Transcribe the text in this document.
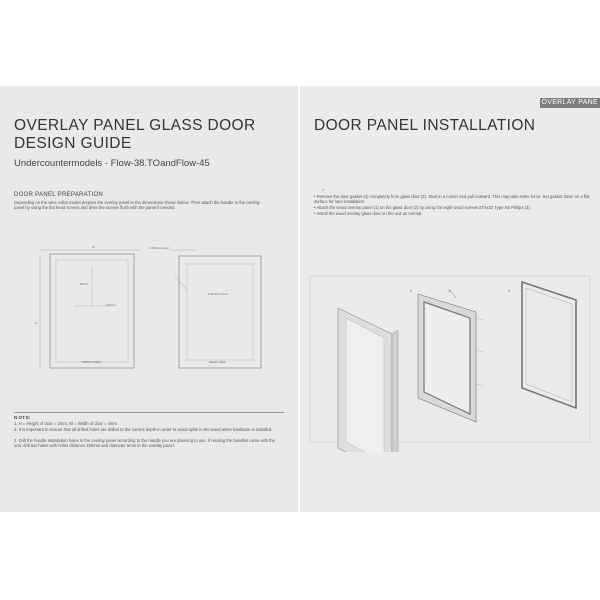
OVERLAY PANEL GLASS DOOR
DESIGN GUIDE
Undercountermodels - Flow-38.TOandFlow-45
DOOR PANEL PREPARATION
Depending on the wine cellar model prepare the overlay panel to the dimensions shown below. Then attach the handle to the overlay panel by using the flat head screws and drive the screws flush with the panel if needed.
W
H
50mm
110mm
FRONT VIEW
0.40 from Door
0.40 from Door
REAR VIEW
N OT E:
1. H = Height of door = 2mm, W = Width of door = 4mm
2. It is important to ensure that all drilled holes are drilled to the correct depth in order to avoid splits in the wood when hardware is installed.
3. Drill the handle installation holes in the overlay panel according to the handle you are planning to use. If reusing the handles came with the unit, drill two holes with holes distance 160mm and diameter 5mm in the overlay panel.
DOOR PANEL INSTALLATION
• Remove the door gasket (4) completely from glass door (2). Start in a corner and pull outward. This may take some force. Set gasket down on a flat surface for later installation.
• Attach the wood overlay panel (1) on the glass door (2) by using the eight wood screws ST4x32 Type AB Philips (3).
• Install the wood overlay glass door on the unit as normal.
1
2	3	4
OVERLAY PANE
